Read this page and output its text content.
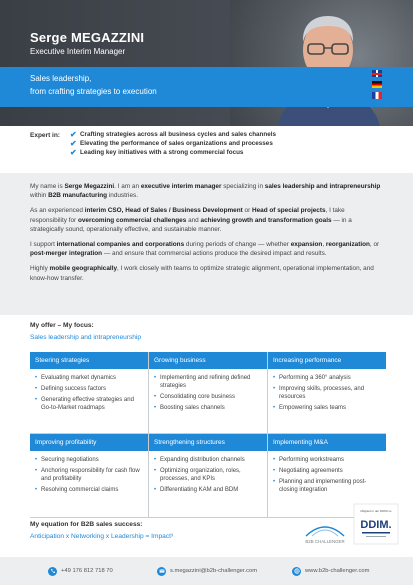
Serge MEGAZZINI
Executive Interim Manager
Sales leadership,
from crafting strategies to execution
Expert in: ✔ Crafting strategies across all business cycles and sales channels
✔ Elevating the performance of sales organizations and processes
✔ Leading key initiatives with a strong commercial focus

My name is Serge Megazzini. I am an executive interim manager specializing in sales leadership and intrapreneurship within B2B manufacturing industries.

As an experienced interim CSO, Head of Sales / Business Development or Head of special projects, I take responsibility for overcoming commercial challenges and achieving growth and transformation goals — in a strategically sound, operationally effective, and sustainable manner.

I support international companies and corporations during periods of change — whether expansion, reorganization, or post-merger integration — and ensure that commercial actions produce the desired impact and results.

Highly mobile geographically, I work closely with teams to optimize strategic alignment, operational implementation, and know-how transfer.

My offer – My focus:
Sales leadership and intrapreneurship
Steering strategies
• Evaluating market dynamics
• Defining success factors
• Generating effective strategies and Go-to-Market roadmaps
Growing business
• Implementing and refining defined strategies
• Consolidating core business
• Boosting sales channels
Increasing performance
• Performing a 360° analysis
• Improving skills, processes, and resources
• Empowering sales teams
Improving profitability
• Securing negotiations
• Anchoring responsibility for cash flow and profitability
• Resolving commercial claims
Strengthening structures
• Expanding distribution channels
• Optimizing organization, roles, processes, and KPIs
• Differentiating KAM and BDM
Implementing M&A
• Performing workstreams
• Negotiating agreements
• Planning and implementing post-closing integration
My equation for B2B sales success:
Anticipation x Networking x Leadership = Impact³
B2B CHALLENGER
Mitglied in der DDIM.vs
DDIM.
+49 176 812 718 70	s.megazzini@b2b-challenger.com	www.b2b-challenger.com
